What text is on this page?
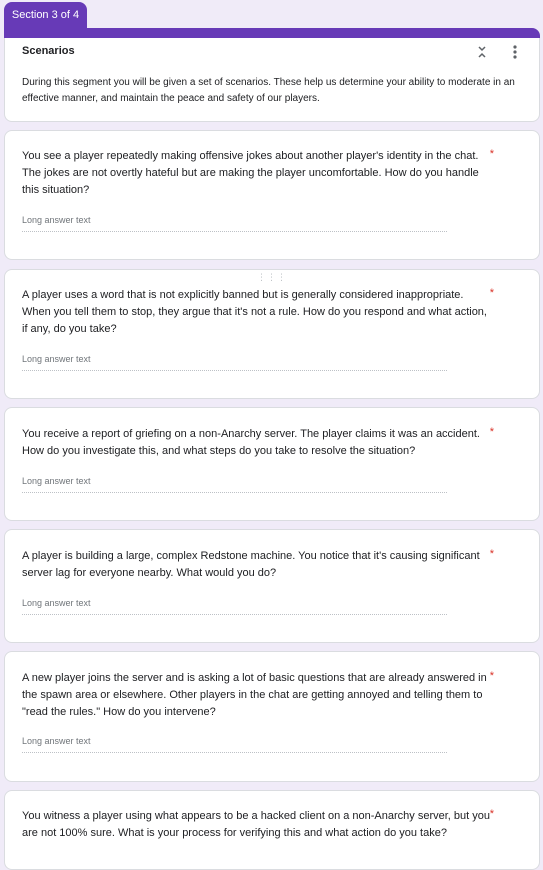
Section 3 of 4
Scenarios
During this segment you will be given a set of scenarios. These help us determine your ability to moderate in an effective manner, and maintain the peace and safety of our players.
You see a player repeatedly making offensive jokes about another player's identity in the chat. The jokes are not overtly hateful but are making the player uncomfortable. How do you handle this situation?
*
Long answer text
⋮⋮⋮
A player uses a word that is not explicitly banned but is generally considered inappropriate. When you tell them to stop, they argue that it's not a rule. How do you respond and what action, if any, do you take?
*
Long answer text
You receive a report of griefing on a non-Anarchy server. The player claims it was an accident. How do you investigate this, and what steps do you take to resolve the situation?
*
Long answer text
A player is building a large, complex Redstone machine. You notice that it's causing significant server lag for everyone nearby. What would you do?
*
Long answer text
A new player joins the server and is asking a lot of basic questions that are already answered in the spawn area or elsewhere. Other players in the chat are getting annoyed and telling them to "read the rules." How do you intervene?
*
Long answer text
You witness a player using what appears to be a hacked client on a non-Anarchy server, but you are not 100% sure. What is your process for verifying this and what action do you take?
*
